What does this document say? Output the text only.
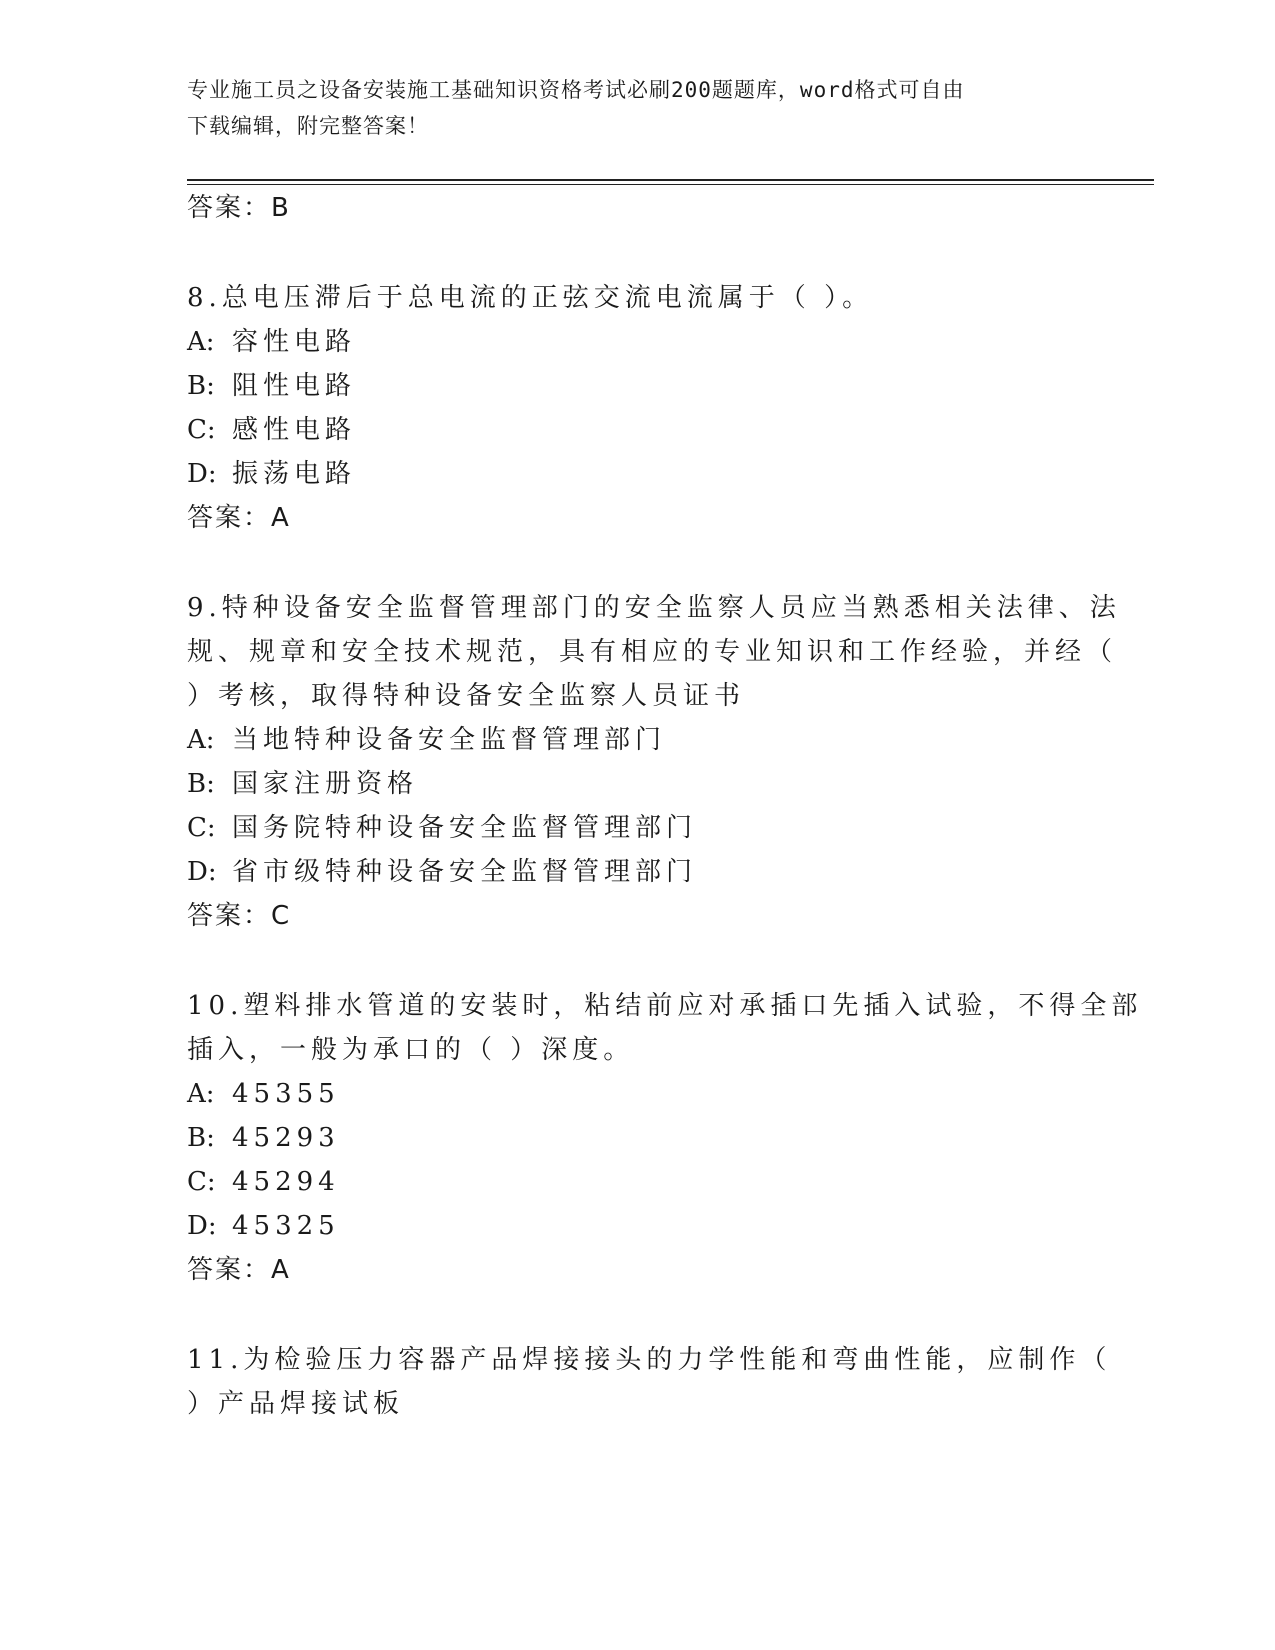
专业施工员之设备安装施工基础知识资格考试必刷200题题库，word格式可自由
下载编辑，附完整答案！
答案：B
8.总电压滞后于总电流的正弦交流电流属于（ ）。
A: 容性电路
B: 阻性电路
C: 感性电路
D: 振荡电路
答案：A
9.特种设备安全监督管理部门的安全监察人员应当熟悉相关法律、法
规、规章和安全技术规范，具有相应的专业知识和工作经验，并经（
）考核，取得特种设备安全监察人员证书
A: 当地特种设备安全监督管理部门
B: 国家注册资格
C: 国务院特种设备安全监督管理部门
D: 省市级特种设备安全监督管理部门
答案：C
10.塑料排水管道的安装时，粘结前应对承插口先插入试验，不得全部
插入，一般为承口的（ ）深度。
A: 45355
B: 45293
C: 45294
D: 45325
答案：A
11.为检验压力容器产品焊接接头的力学性能和弯曲性能，应制作（
）产品焊接试板
